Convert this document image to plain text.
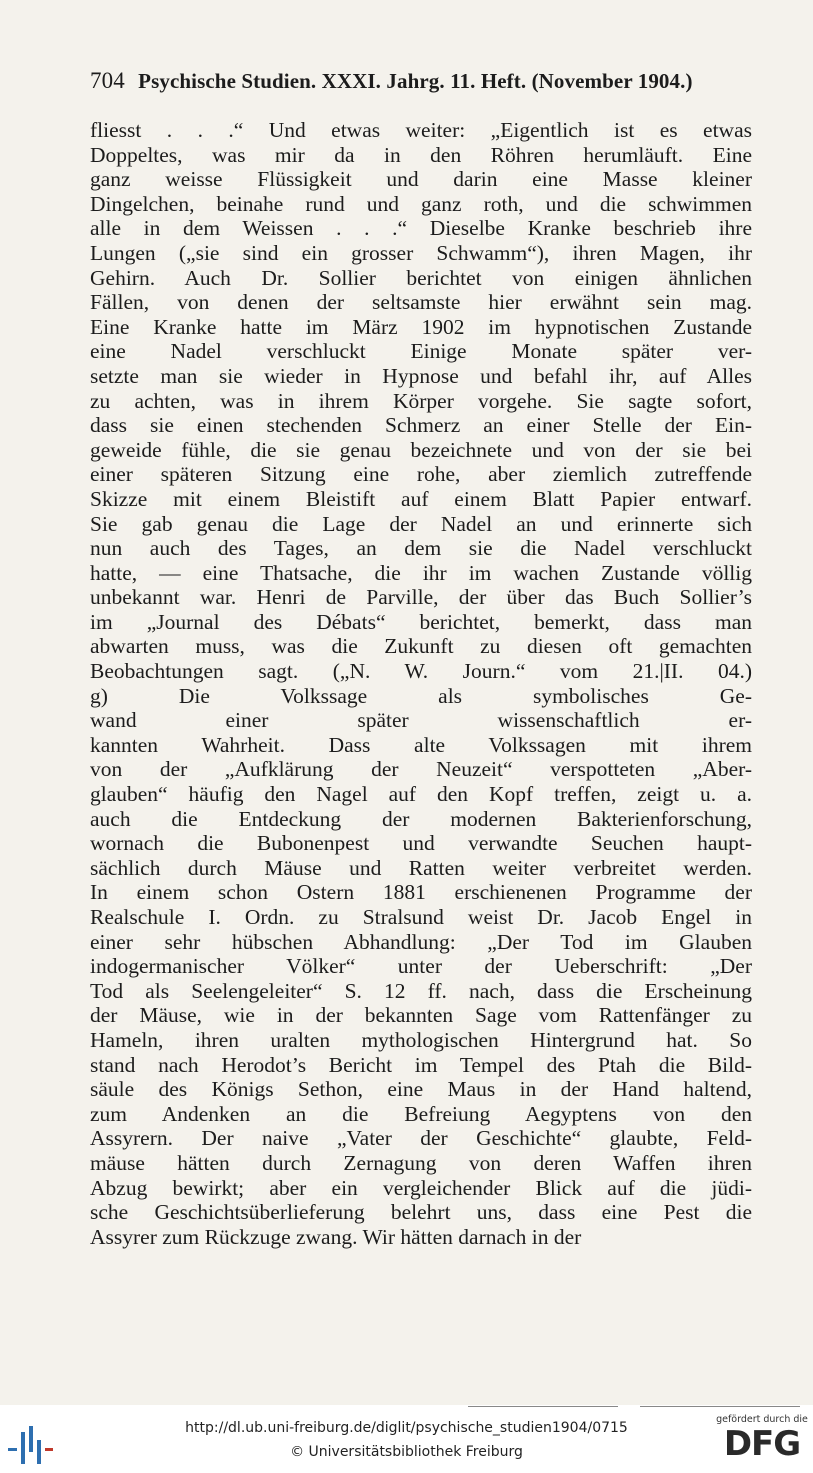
704 Psychische Studien. XXXI. Jahrg. 11. Heft. (November 1904.)
fliesst . . .“ Und etwas weiter: „Eigentlich ist es etwas
Doppeltes, was mir da in den Röhren herumläuft. Eine
ganz weisse Flüssigkeit und darin eine Masse kleiner
Dingelchen, beinahe rund und ganz roth, und die schwimmen
alle in dem Weissen . . .“ Dieselbe Kranke beschrieb ihre
Lungen („sie sind ein grosser Schwamm“), ihren Magen, ihr
Gehirn. Auch Dr. Sollier berichtet von einigen ähnlichen
Fällen, von denen der seltsamste hier erwähnt sein mag.
Eine Kranke hatte im März 1902 im hypnotischen Zustande
eine Nadel verschluckt Einige Monate später ver-
setzte man sie wieder in Hypnose und befahl ihr, auf Alles
zu achten, was in ihrem Körper vorgehe. Sie sagte sofort,
dass sie einen stechenden Schmerz an einer Stelle der Ein-
geweide fühle, die sie genau bezeichnete und von der sie bei
einer späteren Sitzung eine rohe, aber ziemlich zutreffende
Skizze mit einem Bleistift auf einem Blatt Papier entwarf.
Sie gab genau die Lage der Nadel an und erinnerte sich
nun auch des Tages, an dem sie die Nadel verschluckt
hatte, — eine Thatsache, die ihr im wachen Zustande völlig
unbekannt war. Henri de Parville, der über das Buch Sollier’s
im „Journal des Débats“ berichtet, bemerkt, dass man
abwarten muss, was die Zukunft zu diesen oft gemachten
Beobachtungen sagt. („N. W. Journ.“ vom 21.|II. 04.)
g) Die Volkssage als symbolisches Ge-
wand einer später wissenschaftlich er-
kannten Wahrheit. Dass alte Volkssagen mit ihrem
von der „Aufklärung der Neuzeit“ verspotteten „Aber-
glauben“ häufig den Nagel auf den Kopf treffen, zeigt u. a.
auch die Entdeckung der modernen Bakterienforschung,
wornach die Bubonenpest und verwandte Seuchen haupt-
sächlich durch Mäuse und Ratten weiter verbreitet werden.
In einem schon Ostern 1881 erschienenen Programme der
Realschule I. Ordn. zu Stralsund weist Dr. Jacob Engel in
einer sehr hübschen Abhandlung: „Der Tod im Glauben
indogermanischer Völker“ unter der Ueberschrift: „Der
Tod als Seelengeleiter“ S. 12 ff. nach, dass die Erscheinung
der Mäuse, wie in der bekannten Sage vom Rattenfänger zu
Hameln, ihren uralten mythologischen Hintergrund hat. So
stand nach Herodot’s Bericht im Tempel des Ptah die Bild-
säule des Königs Sethon, eine Maus in der Hand haltend,
zum Andenken an die Befreiung Aegyptens von den
Assyrern. Der naive „Vater der Geschichte“ glaubte, Feld-
mäuse hätten durch Zernagung von deren Waffen ihren
Abzug bewirkt; aber ein vergleichender Blick auf die jüdi-
sche Geschichtsüberlieferung belehrt uns, dass eine Pest die
Assyrer zum Rückzuge zwang. Wir hätten darnach in der
http://dl.ub.uni-freiburg.de/diglit/psychische_studien1904/0715
© Universitätsbibliothek Freiburg
gefördert durch die
DFG
